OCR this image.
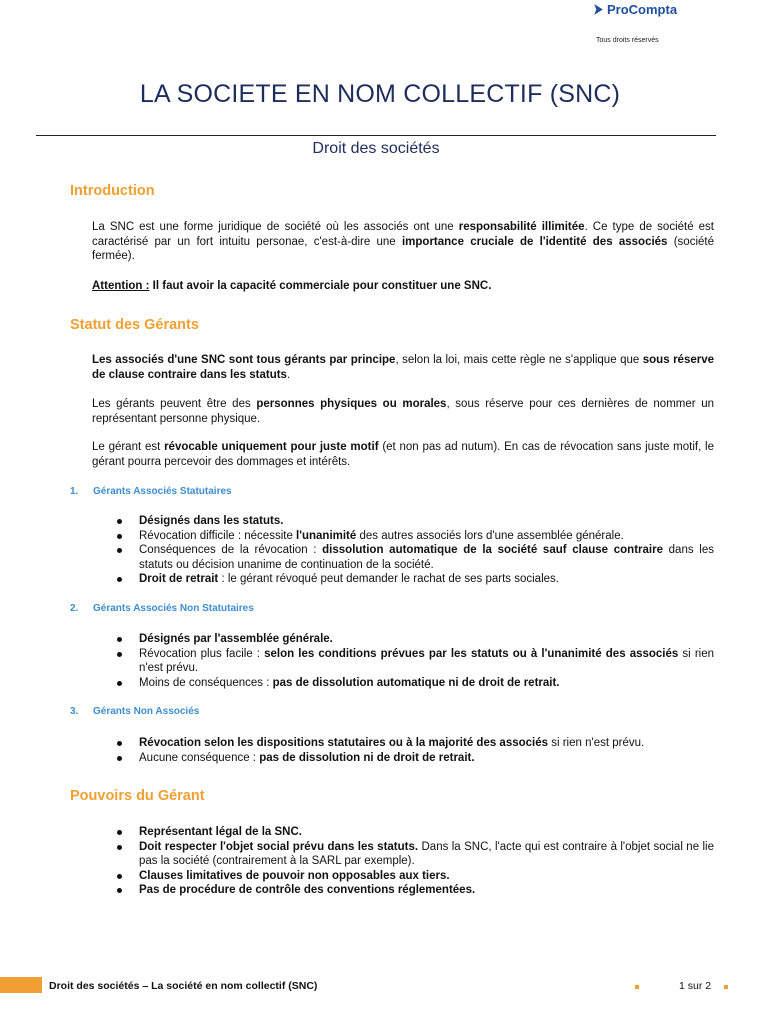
ProCompta
Tous droits réservés
LA SOCIETE EN NOM COLLECTIF (SNC)
Droit des sociétés
Introduction
La SNC est une forme juridique de société où les associés ont une responsabilité illimitée. Ce type de société est caractérisé par un fort intuitu personae, c'est-à-dire une importance cruciale de l'identité des associés (société fermée).
Attention : Il faut avoir la capacité commerciale pour constituer une SNC.
Statut des Gérants
Les associés d'une SNC sont tous gérants par principe, selon la loi, mais cette règle ne s'applique que sous réserve de clause contraire dans les statuts.
Les gérants peuvent être des personnes physiques ou morales, sous réserve pour ces dernières de nommer un représentant personne physique.
Le gérant est révocable uniquement pour juste motif (et non pas ad nutum). En cas de révocation sans juste motif, le gérant pourra percevoir des dommages et intérêts.
1. Gérants Associés Statutaires
Désignés dans les statuts.
Révocation difficile : nécessite l'unanimité des autres associés lors d'une assemblée générale.
Conséquences de la révocation : dissolution automatique de la société sauf clause contraire dans les statuts ou décision unanime de continuation de la société.
Droit de retrait : le gérant révoqué peut demander le rachat de ses parts sociales.
2. Gérants Associés Non Statutaires
Désignés par l'assemblée générale.
Révocation plus facile : selon les conditions prévues par les statuts ou à l'unanimité des associés si rien n'est prévu.
Moins de conséquences : pas de dissolution automatique ni de droit de retrait.
3. Gérants Non Associés
Révocation selon les dispositions statutaires ou à la majorité des associés si rien n'est prévu.
Aucune conséquence : pas de dissolution ni de droit de retrait.
Pouvoirs du Gérant
Représentant légal de la SNC.
Doit respecter l'objet social prévu dans les statuts. Dans la SNC, l'acte qui est contraire à l'objet social ne lie pas la société (contrairement à la SARL par exemple).
Clauses limitatives de pouvoir non opposables aux tiers.
Pas de procédure de contrôle des conventions réglementées.
Droit des sociétés – La société en nom collectif (SNC)	1 sur 2
